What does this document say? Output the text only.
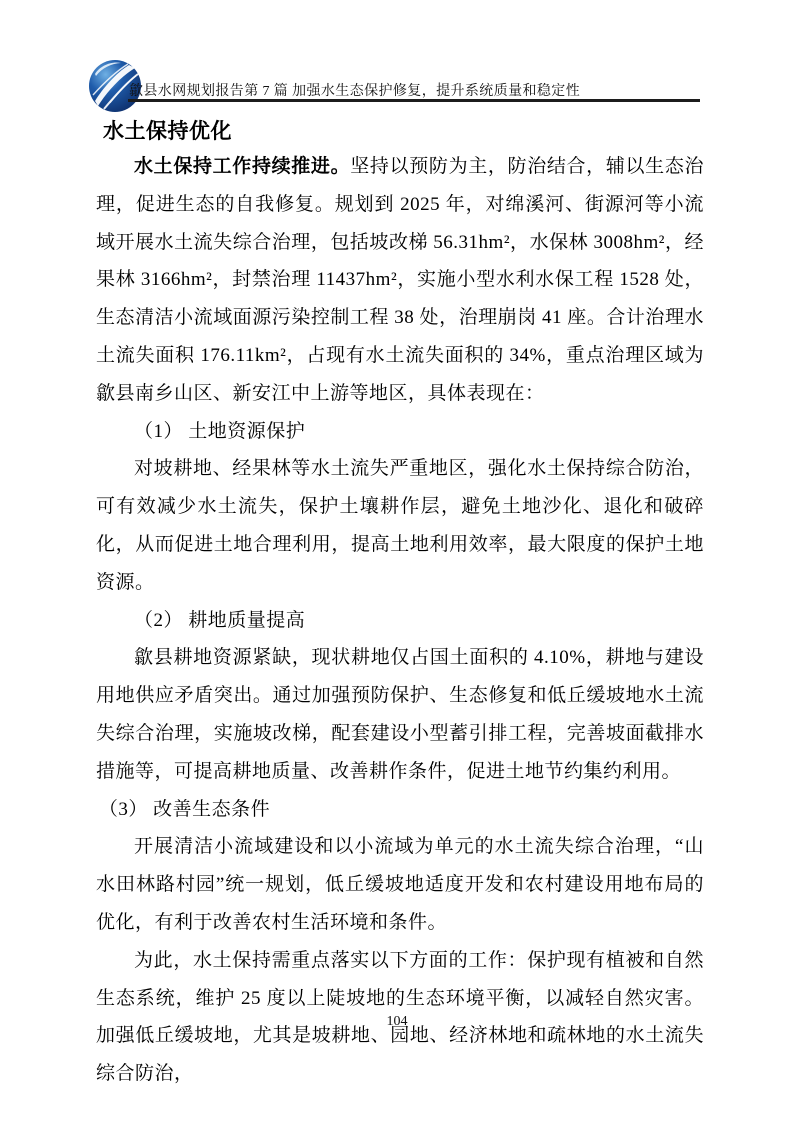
歙县水网规划报告第 7 篇 加强水生态保护修复，提升系统质量和稳定性
水土保持优化

水土保持工作持续推进。坚持以预防为主，防治结合，辅以生态治理，促进生态的自我修复。规划到 2025 年，对绵溪河、街源河等小流域开展水土流失综合治理，包括坡改梯 56.31hm²，水保林 3008hm²，经果林 3166hm²，封禁治理 11437hm²，实施小型水利水保工程 1528 处，生态清洁小流域面源污染控制工程 38 处，治理崩岗 41 座。合计治理水土流失面积 176.11km²，占现有水土流失面积的 34%，重点治理区域为歙县南乡山区、新安江中上游等地区，具体表现在：

（1） 土地资源保护

对坡耕地、经果林等水土流失严重地区，强化水土保持综合防治，可有效减少水土流失，保护土壤耕作层，避免土地沙化、退化和破碎化，从而促进土地合理利用，提高土地利用效率，最大限度的保护土地资源。

（2） 耕地质量提高

歙县耕地资源紧缺，现状耕地仅占国土面积的 4.10%，耕地与建设用地供应矛盾突出。通过加强预防保护、生态修复和低丘缓坡地水土流失综合治理，实施坡改梯，配套建设小型蓄引排工程，完善坡面截排水措施等，可提高耕地质量、改善耕作条件，促进土地节约集约利用。

（3） 改善生态条件

开展清洁小流域建设和以小流域为单元的水土流失综合治理，“山水田林路村园”统一规划，低丘缓坡地适度开发和农村建设用地布局的优化，有利于改善农村生活环境和条件。

为此，水土保持需重点落实以下方面的工作：保护现有植被和自然生态系统，维护 25 度以上陡坡地的生态环境平衡，以减轻自然灾害。加强低丘缓坡地，尤其是坡耕地、园地、经济林地和疏林地的水土流失综合防治，

104
